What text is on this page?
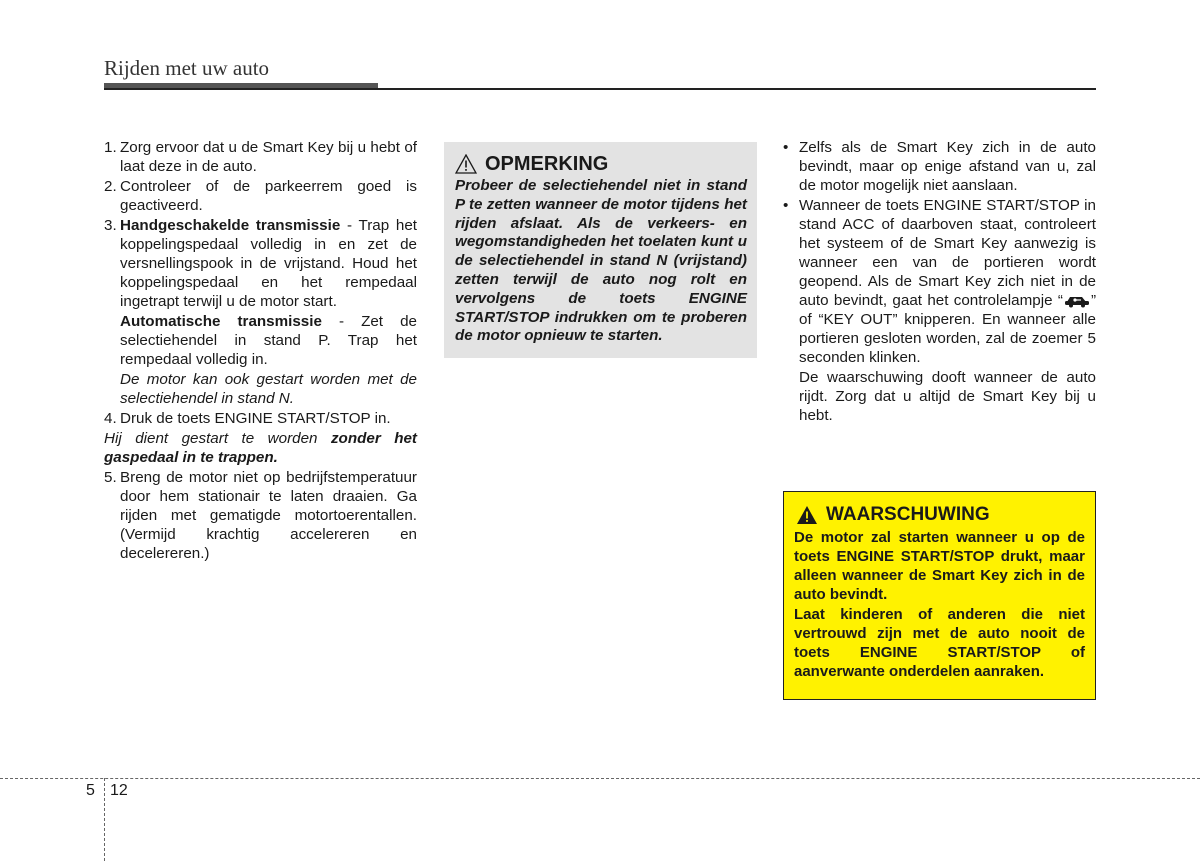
Rijden met uw auto
1. Zorg ervoor dat u de Smart Key bij u hebt of laat deze in de auto.
2. Controleer of de parkeerrem goed is geactiveerd.
3. Handgeschakelde transmissie - Trap het koppelingspedaal volledig in en zet de versnellingspook in de vrijstand. Houd het koppelingspedaal en het rempedaal ingetrapt terwijl u de motor start.
Automatische transmissie - Zet de selectiehendel in stand P. Trap het rempedaal volledig in.
De motor kan ook gestart worden met de selectiehendel in stand N.
4. Druk de toets ENGINE START/STOP in.
Hij dient gestart te worden zonder het gaspedaal in te trappen.
5. Breng de motor niet op bedrijfstemperatuur door hem stationair te laten draaien. Ga rijden met gematigde motortoerentallen. (Vermijd krachtig accelereren en decelereren.)
OPMERKING
Probeer de selectiehendel niet in stand P te zetten wanneer de motor tijdens het rijden afslaat. Als de verkeers- en wegomstandigheden het toelaten kunt u de selectiehendel in stand N (vrijstand) zetten terwijl de auto nog rolt en vervolgens de toets ENGINE START/STOP indrukken om te proberen de motor opnieuw te starten.
• Zelfs als de Smart Key zich in de auto bevindt, maar op enige afstand van u, zal de motor mogelijk niet aanslaan.
• Wanneer de toets ENGINE START/STOP in stand ACC of daarboven staat, controleert het systeem of de Smart Key aanwezig is wanneer een van de portieren wordt geopend. Als de Smart Key zich niet in de auto bevindt, gaat het controlelampje “ ” of “KEY OUT” knipperen. En wanneer alle portieren gesloten worden, zal de zoemer 5 seconden klinken.
De waarschuwing dooft wanneer de auto rijdt. Zorg dat u altijd de Smart Key bij u hebt.
WAARSCHUWING
De motor zal starten wanneer u op de toets ENGINE START/STOP drukt, maar alleen wanneer de Smart Key zich in de auto bevindt.
Laat kinderen of anderen die niet vertrouwd zijn met de auto nooit de toets ENGINE START/STOP of aanverwante onderdelen aanraken.
5 12
